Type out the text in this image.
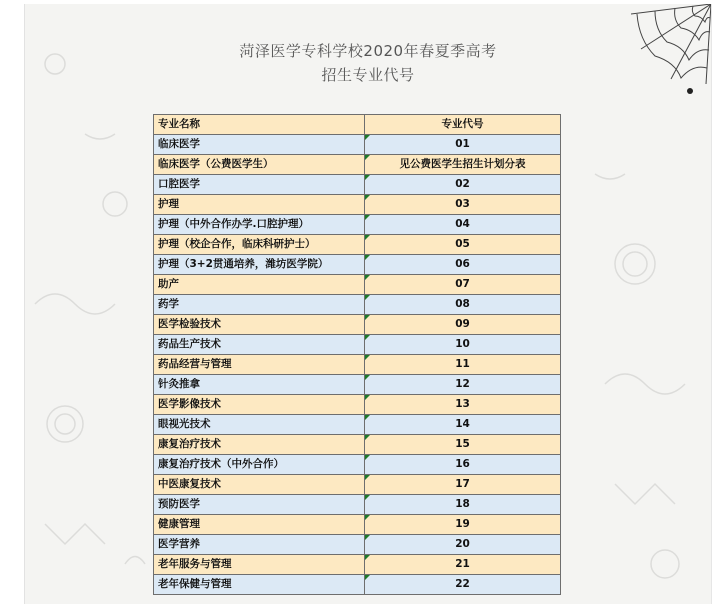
菏泽医学专科学校2020年春夏季高考
招生专业代号
专业名称	专业代号
临床医学	01
临床医学（公费医学生）	见公费医学生招生计划分表
口腔医学	02
护理	03
护理（中外合作办学.口腔护理）	04
护理（校企合作，临床科研护士）	05
护理（3+2贯通培养，潍坊医学院）	06
助产	07
药学	08
医学检验技术	09
药品生产技术	10
药品经营与管理	11
针灸推拿	12
医学影像技术	13
眼视光技术	14
康复治疗技术	15
康复治疗技术（中外合作）	16
中医康复技术	17
预防医学	18
健康管理	19
医学营养	20
老年服务与管理	21
老年保健与管理	22
